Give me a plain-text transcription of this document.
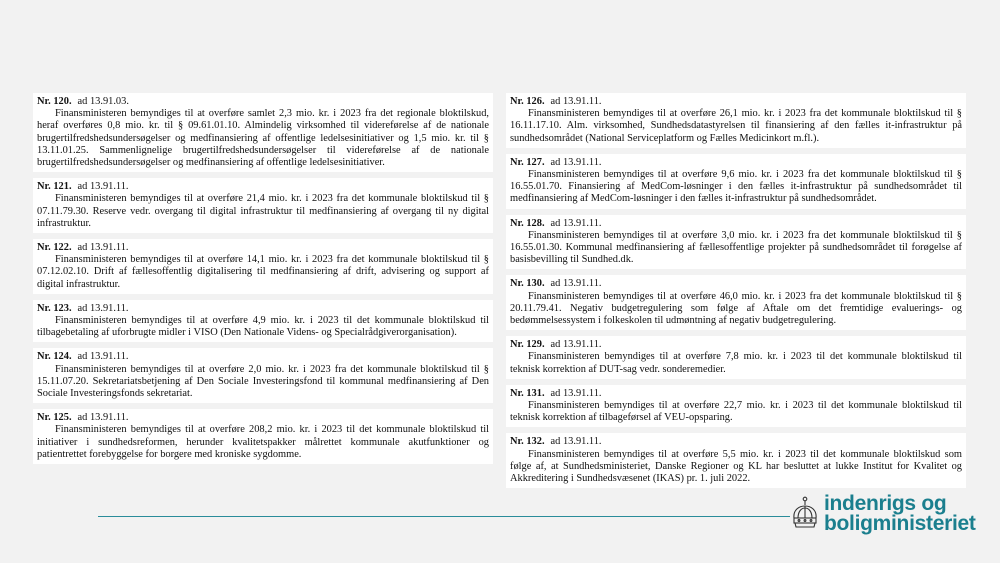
Nr. 120. ad 13.91.03.

Finansministeren bemyndiges til at overføre samlet 2,3 mio. kr. i 2023 fra det regionale bloktilskud, heraf overføres 0,8 mio. kr. til § 09.61.01.10. Almindelig virksomhed til videreførelse af de nationale brugertilfredshedsundersøgelser og medfinansiering af offentlige ledelsesinitiativer og 1,5 mio. kr. til § 13.11.01.25. Sammenlignelige brugertilfredshedsundersøgelser til videreførelse af de nationale brugertilfredshedsundersøgelser og medfinansiering af offentlige ledelsesinitiativer.

Nr. 121. ad 13.91.11.

Finansministeren bemyndiges til at overføre 21,4 mio. kr. i 2023 fra det kommunale bloktilskud til § 07.11.79.30. Reserve vedr. overgang til digital infrastruktur til medfinansiering af overgang til ny digital infrastruktur.

Nr. 122. ad 13.91.11.

Finansministeren bemyndiges til at overføre 14,1 mio. kr. i 2023 fra det kommunale bloktilskud til § 07.12.02.10. Drift af fællesoffentlig digitalisering til medfinansiering af drift, advisering og support af digital infrastruktur.

Nr. 123. ad 13.91.11.

Finansministeren bemyndiges til at overføre 4,9 mio. kr. i 2023 til det kommunale bloktilskud til tilbagebetaling af uforbrugte midler i VISO (Den Nationale Videns- og Specialrådgiverorganisation).

Nr. 124. ad 13.91.11.

Finansministeren bemyndiges til at overføre 2,0 mio. kr. i 2023 fra det kommunale bloktilskud til § 15.11.07.20. Sekretariatsbetjening af Den Sociale Investeringsfond til kommunal medfinansiering af Den Sociale Investeringsfonds sekretariat.

Nr. 125. ad 13.91.11.

Finansministeren bemyndiges til at overføre 208,2 mio. kr. i 2023 til det kommunale bloktilskud til initiativer i sundhedsreformen, herunder kvalitetspakker målrettet kommunale akutfunktioner og patientrettet forebyggelse for borgere med kroniske sygdomme.

Nr. 126. ad 13.91.11.

Finansministeren bemyndiges til at overføre 26,1 mio. kr. i 2023 fra det kommunale bloktilskud til § 16.11.17.10. Alm. virksomhed, Sundhedsdatastyrelsen til finansiering af den fælles it-infrastruktur på sundhedsområdet (National Serviceplatform og Fælles Medicinkort m.fl.).

Nr. 127. ad 13.91.11.

Finansministeren bemyndiges til at overføre 9,6 mio. kr. i 2023 fra det kommunale bloktilskud til § 16.55.01.70. Finansiering af MedCom-løsninger i den fælles it-infrastruktur på sundhedsområdet til medfinansiering af MedCom-løsninger i den fælles it-infrastruktur på sundhedsområdet.

Nr. 128. ad 13.91.11.

Finansministeren bemyndiges til at overføre 3,0 mio. kr. i 2023 fra det kommunale bloktilskud til § 16.55.01.30. Kommunal medfinansiering af fællesoffentlige projekter på sundhedsområdet til forøgelse af basisbevilling til Sundhed.dk.

Nr. 130. ad 13.91.11.

Finansministeren bemyndiges til at overføre 46,0 mio. kr. i 2023 fra det kommunale bloktilskud til § 20.11.79.41. Negativ budgetregulering som følge af Aftale om det fremtidige evaluerings- og bedømmelsessystem i folkeskolen til udmøntning af negativ budgetregulering.

Nr. 129. ad 13.91.11.

Finansministeren bemyndiges til at overføre 7,8 mio. kr. i 2023 til det kommunale bloktilskud til teknisk korrektion af DUT-sag vedr. sonderemedier.

Nr. 131. ad 13.91.11.

Finansministeren bemyndiges til at overføre 22,7 mio. kr. i 2023 til det kommunale bloktilskud til teknisk korrektion af tilbageførsel af VEU-opsparing.

Nr. 132. ad 13.91.11.

Finansministeren bemyndiges til at overføre 5,5 mio. kr. i 2023 til det kommunale bloktilskud som følge af, at Sundhedsministeriet, Danske Regioner og KL har besluttet at lukke Institut for Kvalitet og Akkreditering i Sundhedsvæsenet (IKAS) pr. 1. juli 2022.

indenrigs og
boligministeriet
